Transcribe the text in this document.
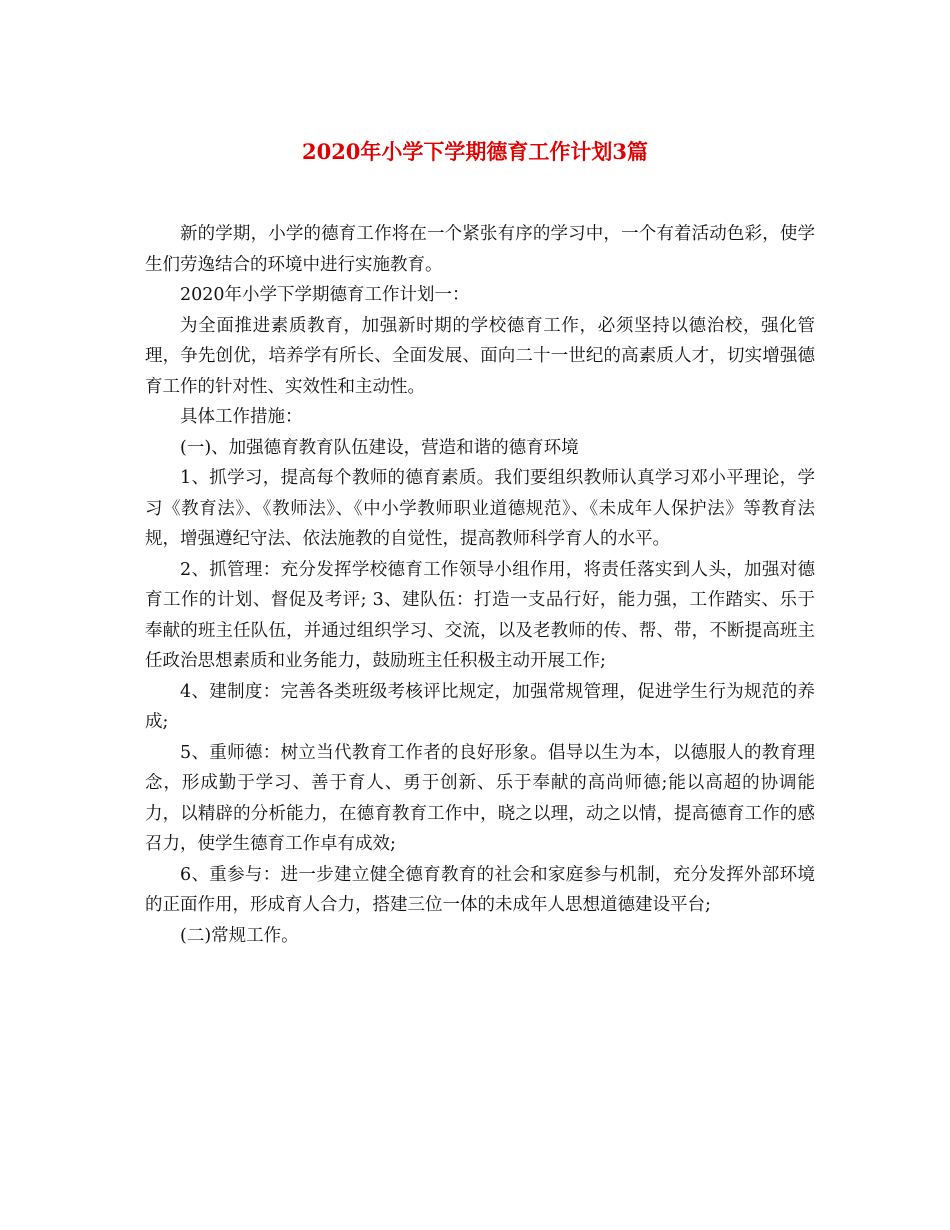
2020年小学下学期德育工作计划3篇

新的学期，小学的德育工作将在一个紧张有序的学习中，一个有着活动色彩，使学生们劳逸结合的环境中进行实施教育。

2020年小学下学期德育工作计划一：

为全面推进素质教育，加强新时期的学校德育工作，必须坚持以德治校，强化管理，争先创优，培养学有所长、全面发展、面向二十一世纪的高素质人才，切实增强德育工作的针对性、实效性和主动性。

具体工作措施：

(一)、加强德育教育队伍建设，营造和谐的德育环境

1、抓学习，提高每个教师的德育素质。我们要组织教师认真学习邓小平理论，学习《教育法》、《教师法》、《中小学教师职业道德规范》、《未成年人保护法》等教育法规，增强遵纪守法、依法施教的自觉性，提高教师科学育人的水平。

2、抓管理：充分发挥学校德育工作领导小组作用，将责任落实到人头，加强对德育工作的计划、督促及考评; 3、建队伍：打造一支品行好，能力强，工作踏实、乐于奉献的班主任队伍，并通过组织学习、交流，以及老教师的传、帮、带，不断提高班主任政治思想素质和业务能力，鼓励班主任积极主动开展工作;

4、建制度：完善各类班级考核评比规定，加强常规管理，促进学生行为规范的养成;

5、重师德：树立当代教育工作者的良好形象。倡导以生为本，以德服人的教育理念，形成勤于学习、善于育人、勇于创新、乐于奉献的高尚师德;能以高超的协调能力，以精辟的分析能力，在德育教育工作中，晓之以理，动之以情，提高德育工作的感召力，使学生德育工作卓有成效;

6、重参与：进一步建立健全德育教育的社会和家庭参与机制，充分发挥外部环境的正面作用，形成育人合力，搭建三位一体的未成年人思想道德建设平台;

(二)常规工作。
